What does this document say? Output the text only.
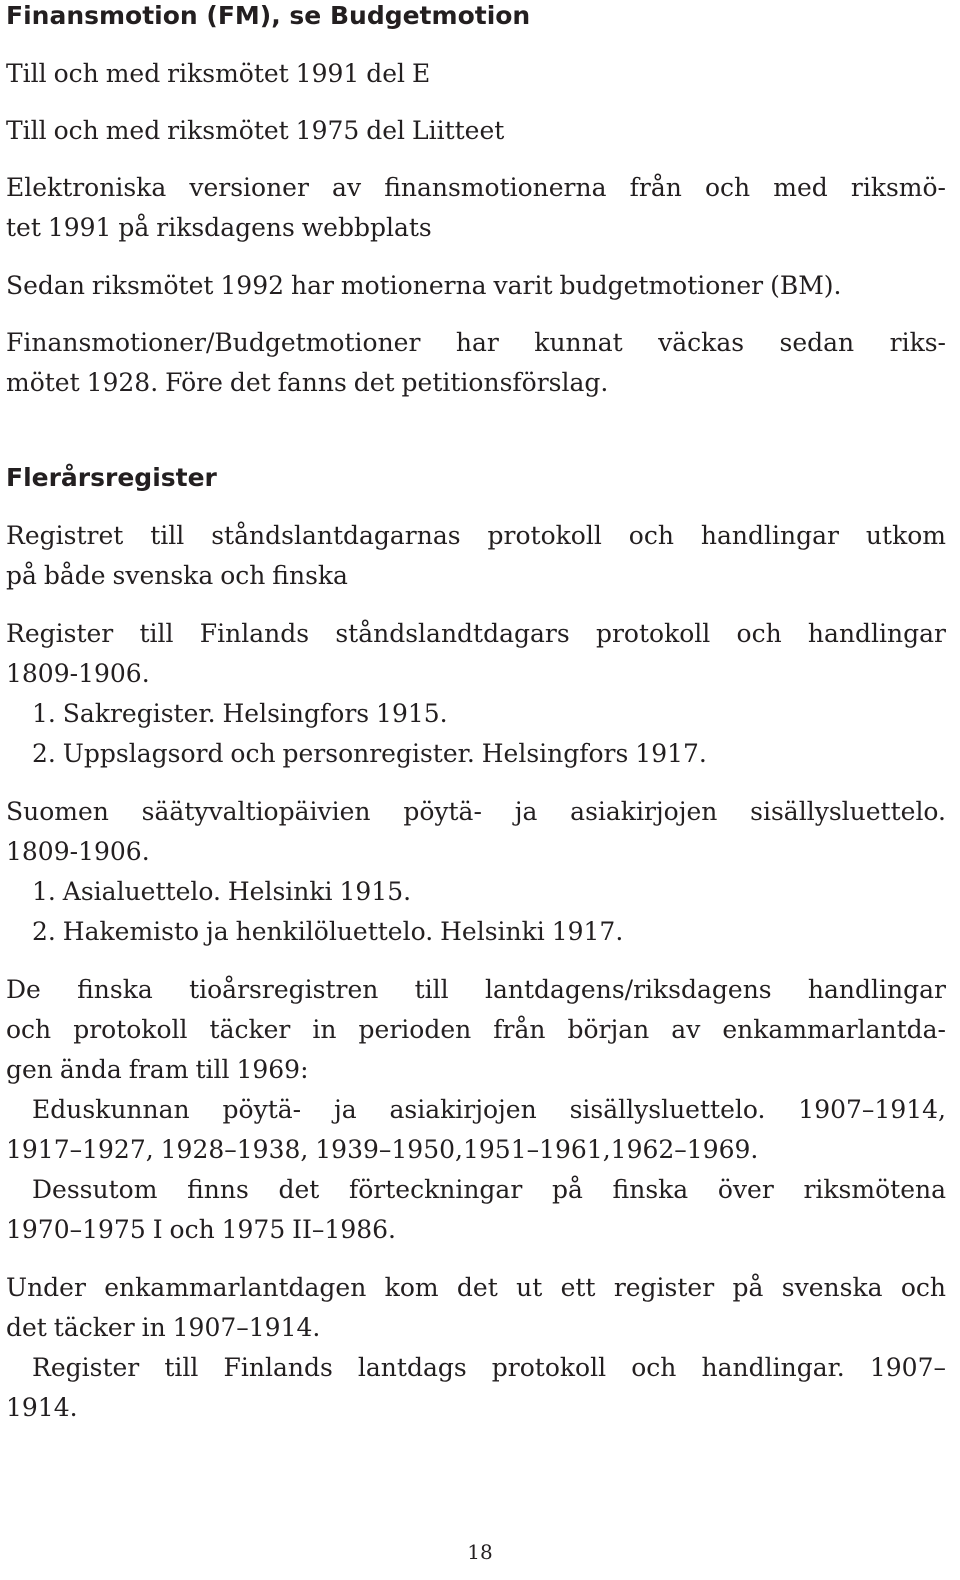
Finansmotion (FM), se Budgetmotion

Till och med riksmötet 1991 del E

Till och med riksmötet 1975 del Liitteet

Elektroniska versioner av finansmotionerna från och med riksmö-
tet 1991 på riksdagens webbplats

Sedan riksmötet 1992 har motionerna varit budgetmotioner (BM).

Finansmotioner/Budgetmotioner har kunnat väckas sedan riks-
mötet 1928. Före det fanns det petitionsförslag.

Flerårsregister

Registret till ståndslantdagarnas protokoll och handlingar utkom
på både svenska och finska

Register till Finlands ståndslandtdagars protokoll och handlingar
1809-1906.
1. Sakregister. Helsingfors 1915.
2. Uppslagsord och personregister. Helsingfors 1917.

Suomen säätyvaltiopäivien pöytä- ja asiakirjojen sisällysluettelo.
1809-1906.
1. Asialuettelo. Helsinki 1915.
2. Hakemisto ja henkilöluettelo. Helsinki 1917.

De finska tioårsregistren till lantdagens/riksdagens handlingar
och protokoll täcker in perioden från början av enkammarlantda-
gen ända fram till 1969:
Eduskunnan pöytä- ja asiakirjojen sisällysluettelo. 1907–1914,
1917–1927, 1928–1938, 1939–1950,1951–1961,1962–1969.
Dessutom finns det förteckningar på finska över riksmötena
1970–1975 I och 1975 II–1986.

Under enkammarlantdagen kom det ut ett register på svenska och
det täcker in 1907–1914.
Register till Finlands lantdags protokoll och handlingar. 1907–
1914.

18
